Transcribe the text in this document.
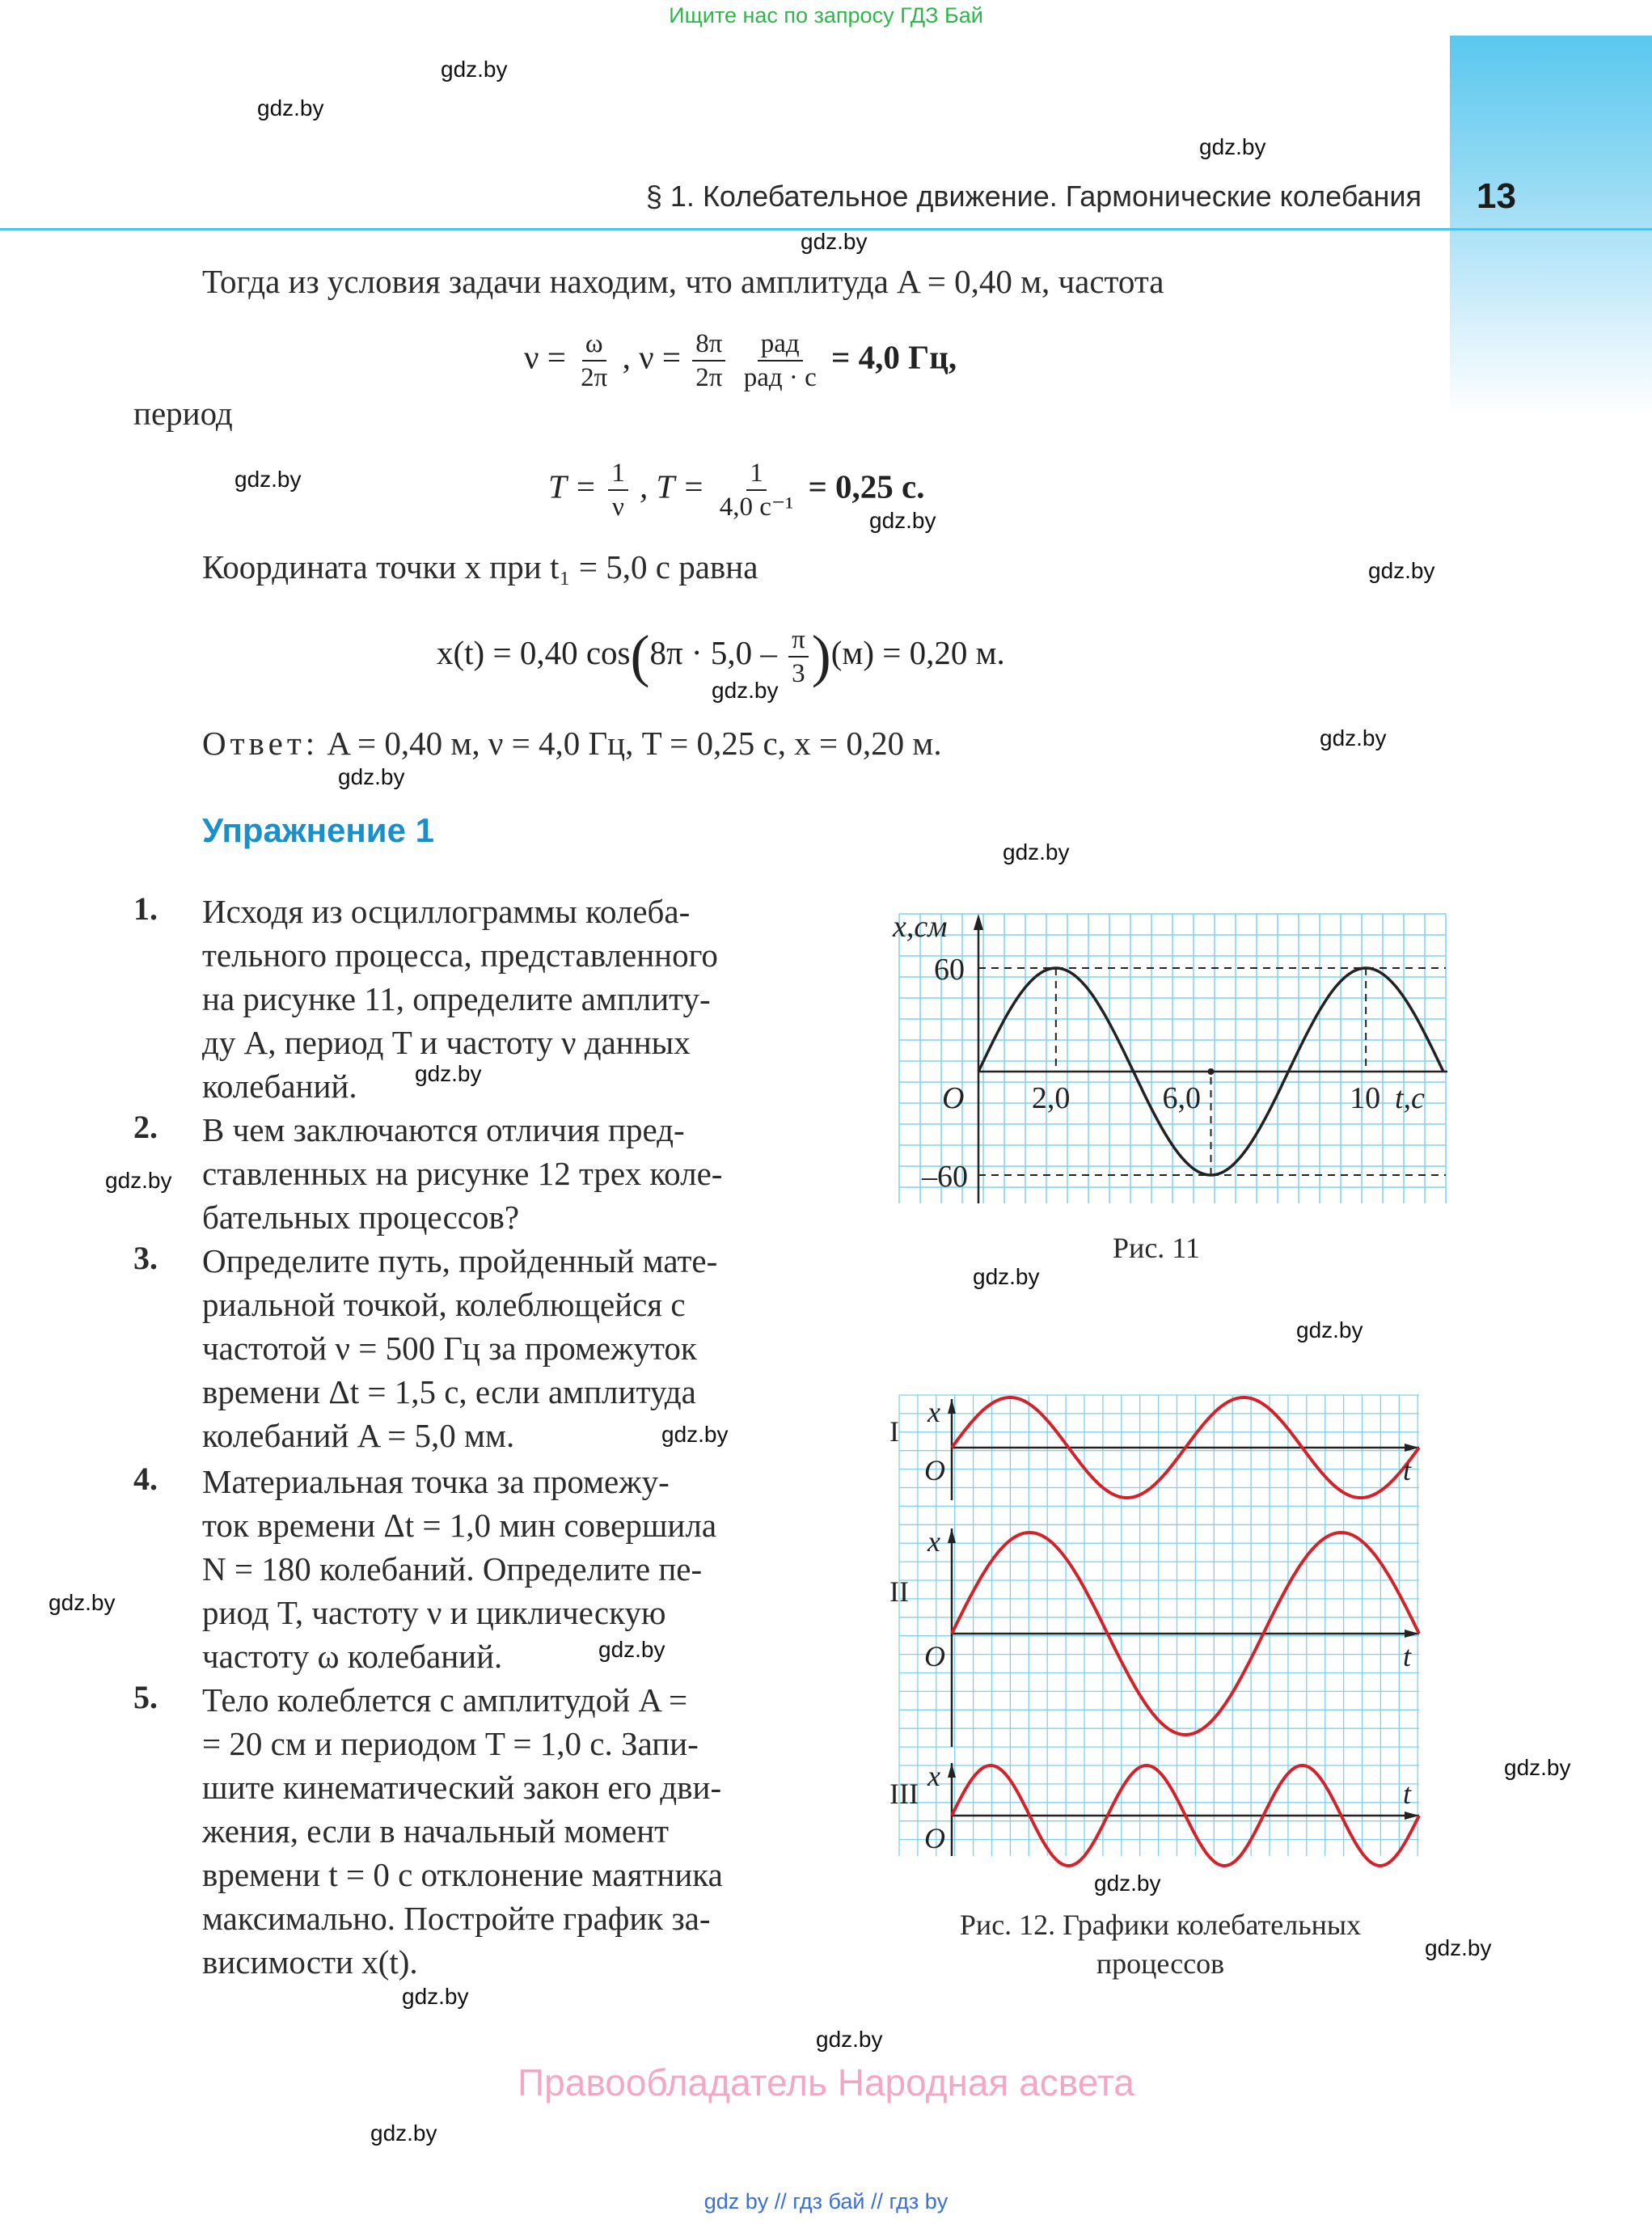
Ищите нас по запросу ГДЗ Бай
13
§ 1. Колебательное движение. Гармонические колебания
gdz.by
gdz.by
gdz.by
gdz.by
gdz.by
gdz.by
gdz.by
gdz.by
gdz.by
gdz.by
gdz.by
gdz.by
gdz.by
gdz.by
gdz.by
gdz.by
gdz.by
gdz.by
gdz.by
gdz.by
gdz.by
gdz.by
gdz.by
gdz.by
Тогда из условия задачи находим, что амплитуда A = 0,40 м, частота
$\nu = \frac{\omega}{2\pi}$ , $\nu = \frac{8\pi}{2\pi}$
$\frac{\text{рад}}{\text{рад · с}} = 4,0$ Гц,
период
$T = \frac{1}{\nu}$ , $T = \frac{1}{\text{4,0 с⁻¹}} = 0,25$ с.
Координата точки x при t₁ = 5,0 с равна
x(t) = 0,40 $\cos(8\pi \cdot 5,0 - \frac{\pi}{3} )(м) = 0,20$ м.
Ответ: A = 0,40 м, ν = 4,0 Гц, T = 0,25 с, x = 0,20 м.
Упражнение 1
1. Исходя из осциллограммы колеба-
тельного процесса, представленного
на рисунке 11, определите амплиту-
ду A, период T и частоту ν данных
колебаний.
2. В чем заключаются отличия пред-
ставленных на рисунке 12 трех коле-
бательных процессов?
3. Определите путь, пройденный мате-
риальной точкой, колеблющейся с
частотой ν = 500 Гц за промежуток
времени Δt = 1,5 с, если амплитуда
колебаний A = 5,0 мм.
4. Материальная точка за промежу-
ток времени Δt = 1,0 мин совершила
N = 180 колебаний. Определите пе-
риод T, частоту ν и циклическую
частоту ω колебаний.
5. Тело колеблется с амплитудой A =
= 20 см и периодом T = 1,0 с. Запи-
шите кинематический закон его дви-
жения, если в начальный момент
времени t = 0 с отклонение маятника
максимально. Постройте график за-
висимости x(t).
x,см
60
–60
O 2,0	6,0	10 t,с
Рис. 11
x
O	t
I
x
O	t
II
x
O
t
III
Рис. 12. Графики колебательных
процессов
Правообладатель Народная асвета
gdz by // гдз бай // гдз by
